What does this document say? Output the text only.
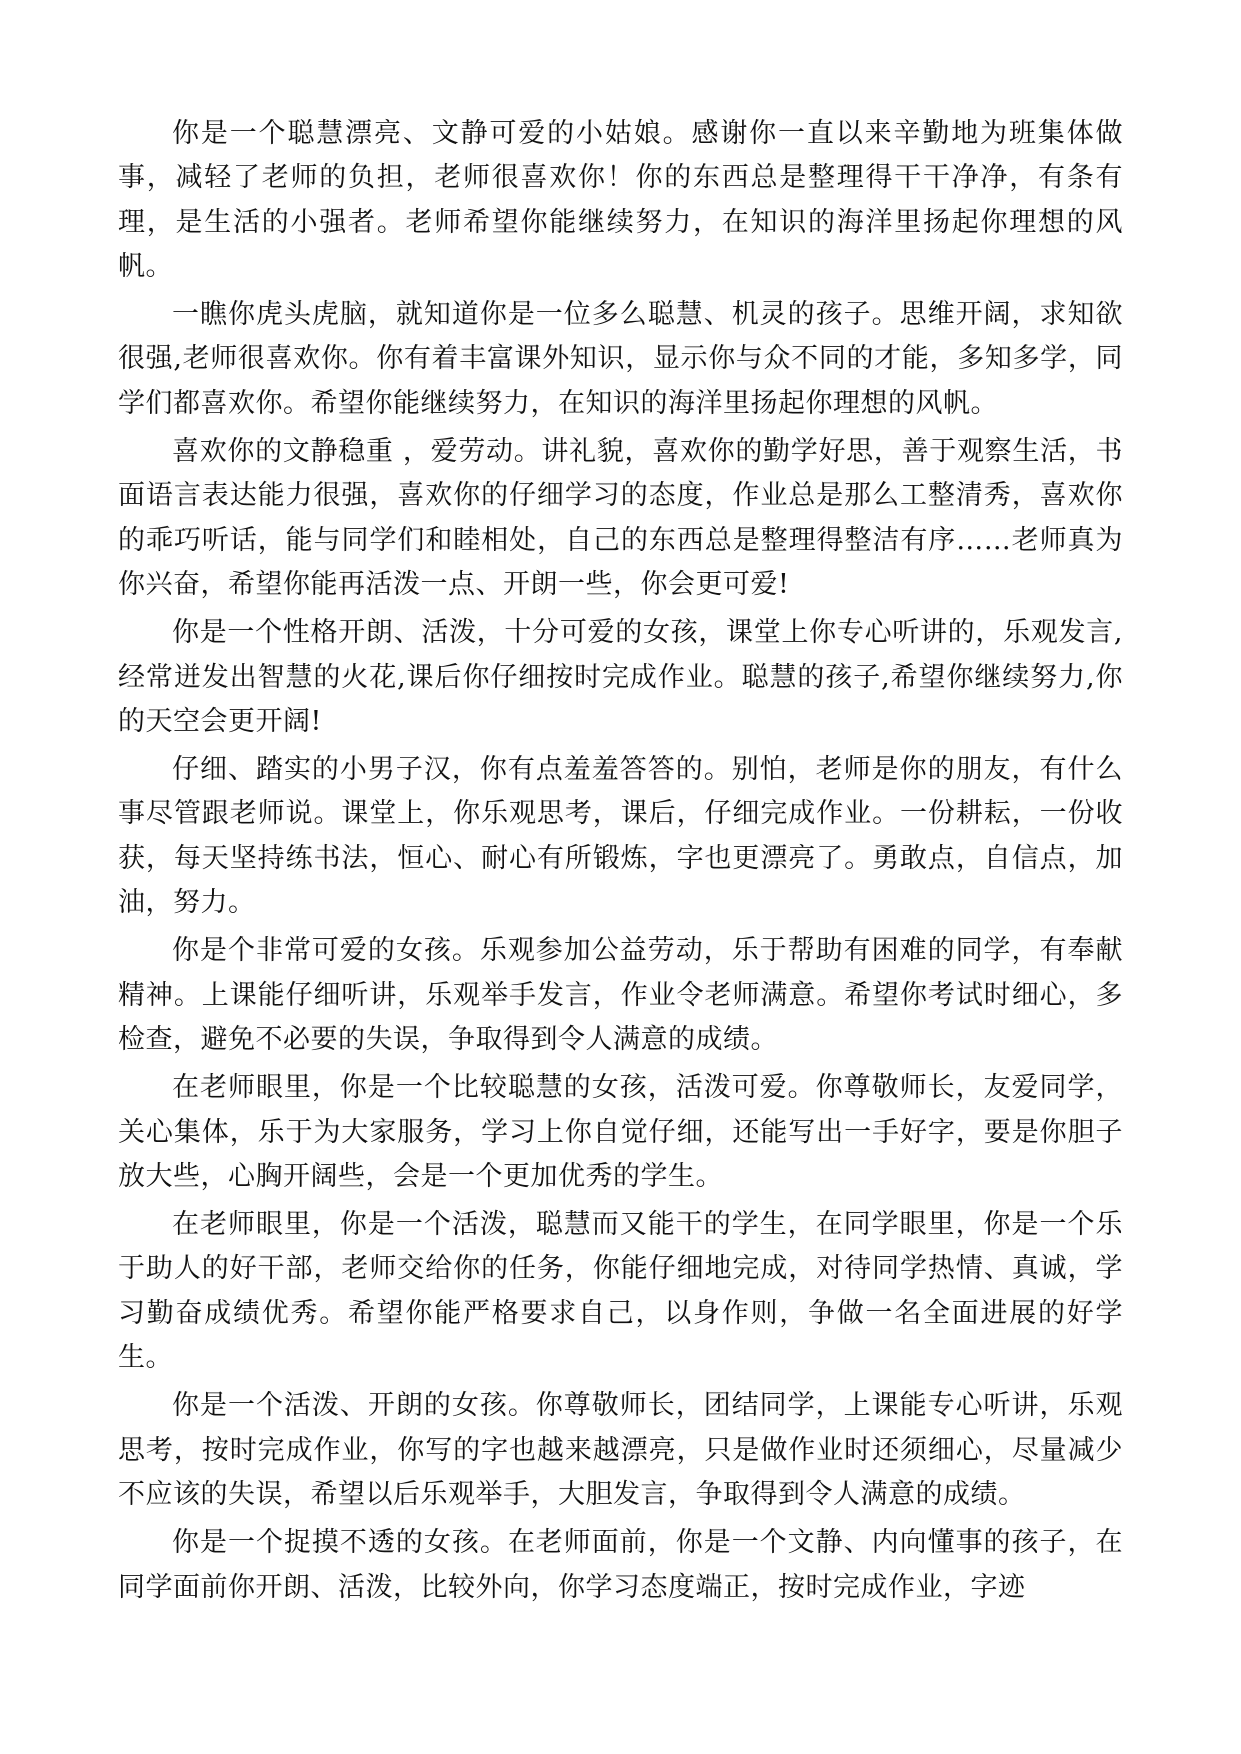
你是一个聪慧漂亮、文静可爱的小姑娘。感谢你一直以来辛勤地为班集体做事，减轻了老师的负担，老师很喜欢你！你的东西总是整理得干干净净，有条有理，是生活的小强者。老师希望你能继续努力，在知识的海洋里扬起你理想的风帆。

一瞧你虎头虎脑，就知道你是一位多么聪慧、机灵的孩子。思维开阔，求知欲很强,老师很喜欢你。你有着丰富课外知识，显示你与众不同的才能，多知多学，同学们都喜欢你。希望你能继续努力，在知识的海洋里扬起你理想的风帆。

喜欢你的文静稳重 ，爱劳动。讲礼貌，喜欢你的勤学好思，善于观察生活，书面语言表达能力很强，喜欢你的仔细学习的态度，作业总是那么工整清秀，喜欢你的乖巧听话，能与同学们和睦相处，自己的东西总是整理得整洁有序……老师真为你兴奋，希望你能再活泼一点、开朗一些，你会更可爱!

你是一个性格开朗、活泼，十分可爱的女孩，课堂上你专心听讲的，乐观发言,经常迸发出智慧的火花,课后你仔细按时完成作业。聪慧的孩子,希望你继续努力,你的天空会更开阔!

仔细、踏实的小男子汉，你有点羞羞答答的。别怕，老师是你的朋友，有什么事尽管跟老师说。课堂上，你乐观思考，课后，仔细完成作业。一份耕耘，一份收获，每天坚持练书法，恒心、耐心有所锻炼，字也更漂亮了。勇敢点，自信点，加油，努力。

你是个非常可爱的女孩。乐观参加公益劳动，乐于帮助有困难的同学，有奉献精神。上课能仔细听讲，乐观举手发言，作业令老师满意。希望你考试时细心，多检查，避免不必要的失误，争取得到令人满意的成绩。

在老师眼里，你是一个比较聪慧的女孩，活泼可爱。你尊敬师长，友爱同学，关心集体，乐于为大家服务，学习上你自觉仔细，还能写出一手好字，要是你胆子放大些，心胸开阔些，会是一个更加优秀的学生。

在老师眼里，你是一个活泼，聪慧而又能干的学生，在同学眼里，你是一个乐于助人的好干部，老师交给你的任务，你能仔细地完成，对待同学热情、真诚，学习勤奋成绩优秀。希望你能严格要求自己，以身作则，争做一名全面进展的好学生。

你是一个活泼、开朗的女孩。你尊敬师长，团结同学，上课能专心听讲，乐观思考，按时完成作业，你写的字也越来越漂亮，只是做作业时还须细心，尽量减少不应该的失误，希望以后乐观举手，大胆发言，争取得到令人满意的成绩。

你是一个捉摸不透的女孩。在老师面前，你是一个文静、内向懂事的孩子，在同学面前你开朗、活泼，比较外向，你学习态度端正，按时完成作业，字迹
